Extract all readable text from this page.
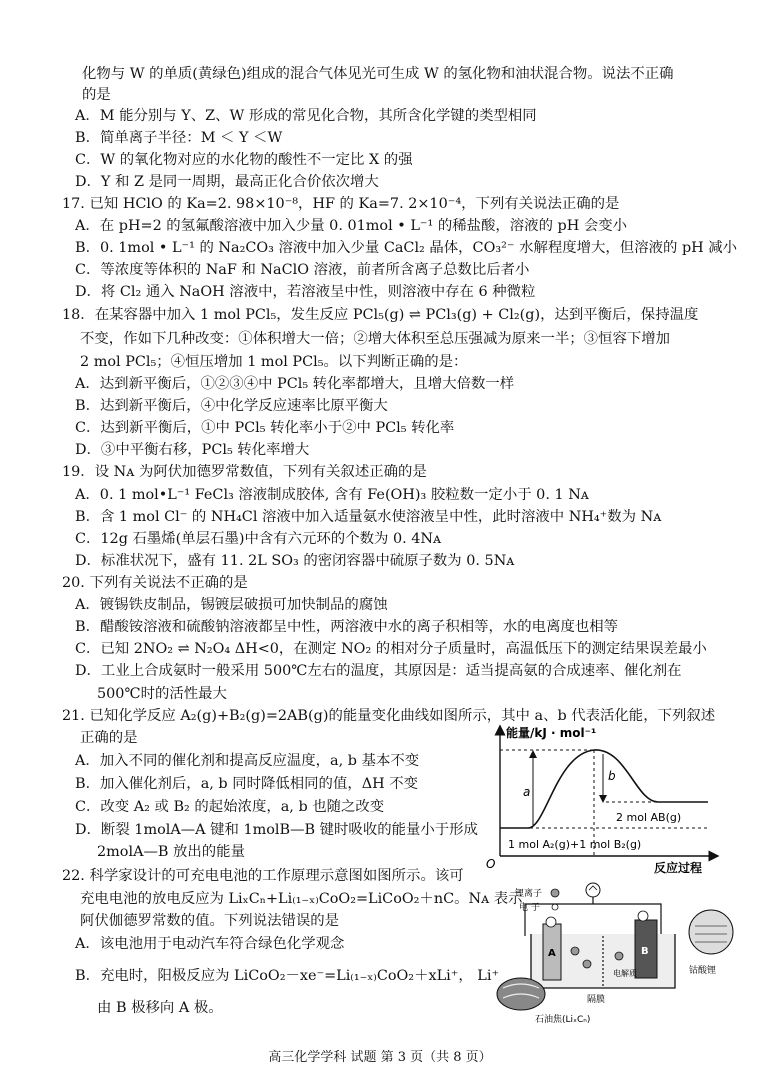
化物与 W 的单质(黄绿色)组成的混合气体见光可生成 W 的氢化物和油状混合物。说法不正确
的是
A．M 能分别与 Y、Z、W 形成的常见化合物，其所含化学键的类型相同
B．简单离子半径：M ＜ Y ＜W
C．W 的氧化物对应的水化物的酸性不一定比 X 的强
D．Y 和 Z 是同一周期，最高正化合价依次增大
17. 已知 HClO 的 Ka=2. 98×10⁻⁸，HF 的 Ka=7. 2×10⁻⁴，下列有关说法正确的是
A．在 pH=2 的氢氟酸溶液中加入少量 0. 01mol • L⁻¹ 的稀盐酸，溶液的 pH 会变小
B．0. 1mol • L⁻¹ 的 Na₂CO₃ 溶液中加入少量 CaCl₂ 晶体，CO₃²⁻ 水解程度增大，但溶液的 pH 减小
C．等浓度等体积的 NaF 和 NaClO 溶液，前者所含离子总数比后者小
D．将 Cl₂ 通入 NaOH 溶液中，若溶液呈中性，则溶液中存在 6 种微粒
18．在某容器中加入 1 mol PCl₅，发生反应 PCl₅(g) ⇌ PCl₃(g) + Cl₂(g)，达到平衡后，保持温度
不变，作如下几种改变：①体积增大一倍；②增大体积至总压强减为原来一半；③恒容下增加
2 mol PCl₅；④恒压增加 1 mol PCl₅。以下判断正确的是：
A．达到新平衡后，①②③④中 PCl₅ 转化率都增大，且增大倍数一样
B．达到新平衡后，④中化学反应速率比原平衡大
C．达到新平衡后，①中 PCl₅ 转化率小于②中 PCl₅ 转化率
D．③中平衡右移，PCl₅ 转化率增大
19．设 Nᴀ 为阿伏加德罗常数值，下列有关叙述正确的是
A．0. 1 mol•L⁻¹ FeCl₃ 溶液制成胶体, 含有 Fe(OH)₃ 胶粒数一定小于 0. 1 Nᴀ
B．含 1 mol Cl⁻ 的 NH₄Cl 溶液中加入适量氨水使溶液呈中性，此时溶液中 NH₄⁺数为 Nᴀ
C．12g 石墨烯(单层石墨)中含有六元环的个数为 0. 4Nᴀ
D．标准状况下，盛有 11. 2L SO₃ 的密闭容器中硫原子数为 0. 5Nᴀ
20. 下列有关说法不正确的是
A．镀锡铁皮制品，锡镀层破损可加快制品的腐蚀
B．醋酸铵溶液和硫酸钠溶液都呈中性，两溶液中水的离子积相等，水的电离度也相等
C．已知 2NO₂ ⇌ N₂O₄ ΔH<0，在测定 NO₂ 的相对分子质量时，高温低压下的测定结果误差最小
D．工业上合成氨时一般采用 500℃左右的温度，其原因是：适当提高氨的合成速率、催化剂在
500℃时的活性最大
21. 已知化学反应 A₂(g)+B₂(g)=2AB(g)的能量变化曲线如图所示，其中 a、b 代表活化能，下列叙述
正确的是
A．加入不同的催化剂和提高反应温度，a, b 基本不变
B．加入催化剂后，a, b 同时降低相同的值，ΔH 不变
C．改变 A₂ 或 B₂ 的起始浓度，a, b 也随之改变
D．断裂 1molA—A 键和 1molB—B 键时吸收的能量小于形成
2molA—B 放出的能量
能量/kJ · mol⁻¹
a
b
2 mol AB(g)
1 mol A₂(g)+1 mol B₂(g)
O	反应过程
22. 科学家设计的可充电电池的工作原理示意图如图所示。该可
充电电池的放电反应为 LiₓCₙ+Li₍₁₋ₓ₎CoO₂=LiCoO₂＋nC。Nᴀ 表示
阿伏伽德罗常数的值。下列说法错误的是
A．该电池用于电动汽车符合绿色化学观念
B．充电时，阳极反应为 LiCoO₂－xe⁻=Li₍₁₋ₓ₎CoO₂＋xLi⁺， Li⁺
由 B 极移向 A 极。
锂离子
电 子
A	B
隔膜
电解质	钴酸锂
石油焦(LiₓCₙ)
高三化学学科 试题 第 3 页（共 8 页）
